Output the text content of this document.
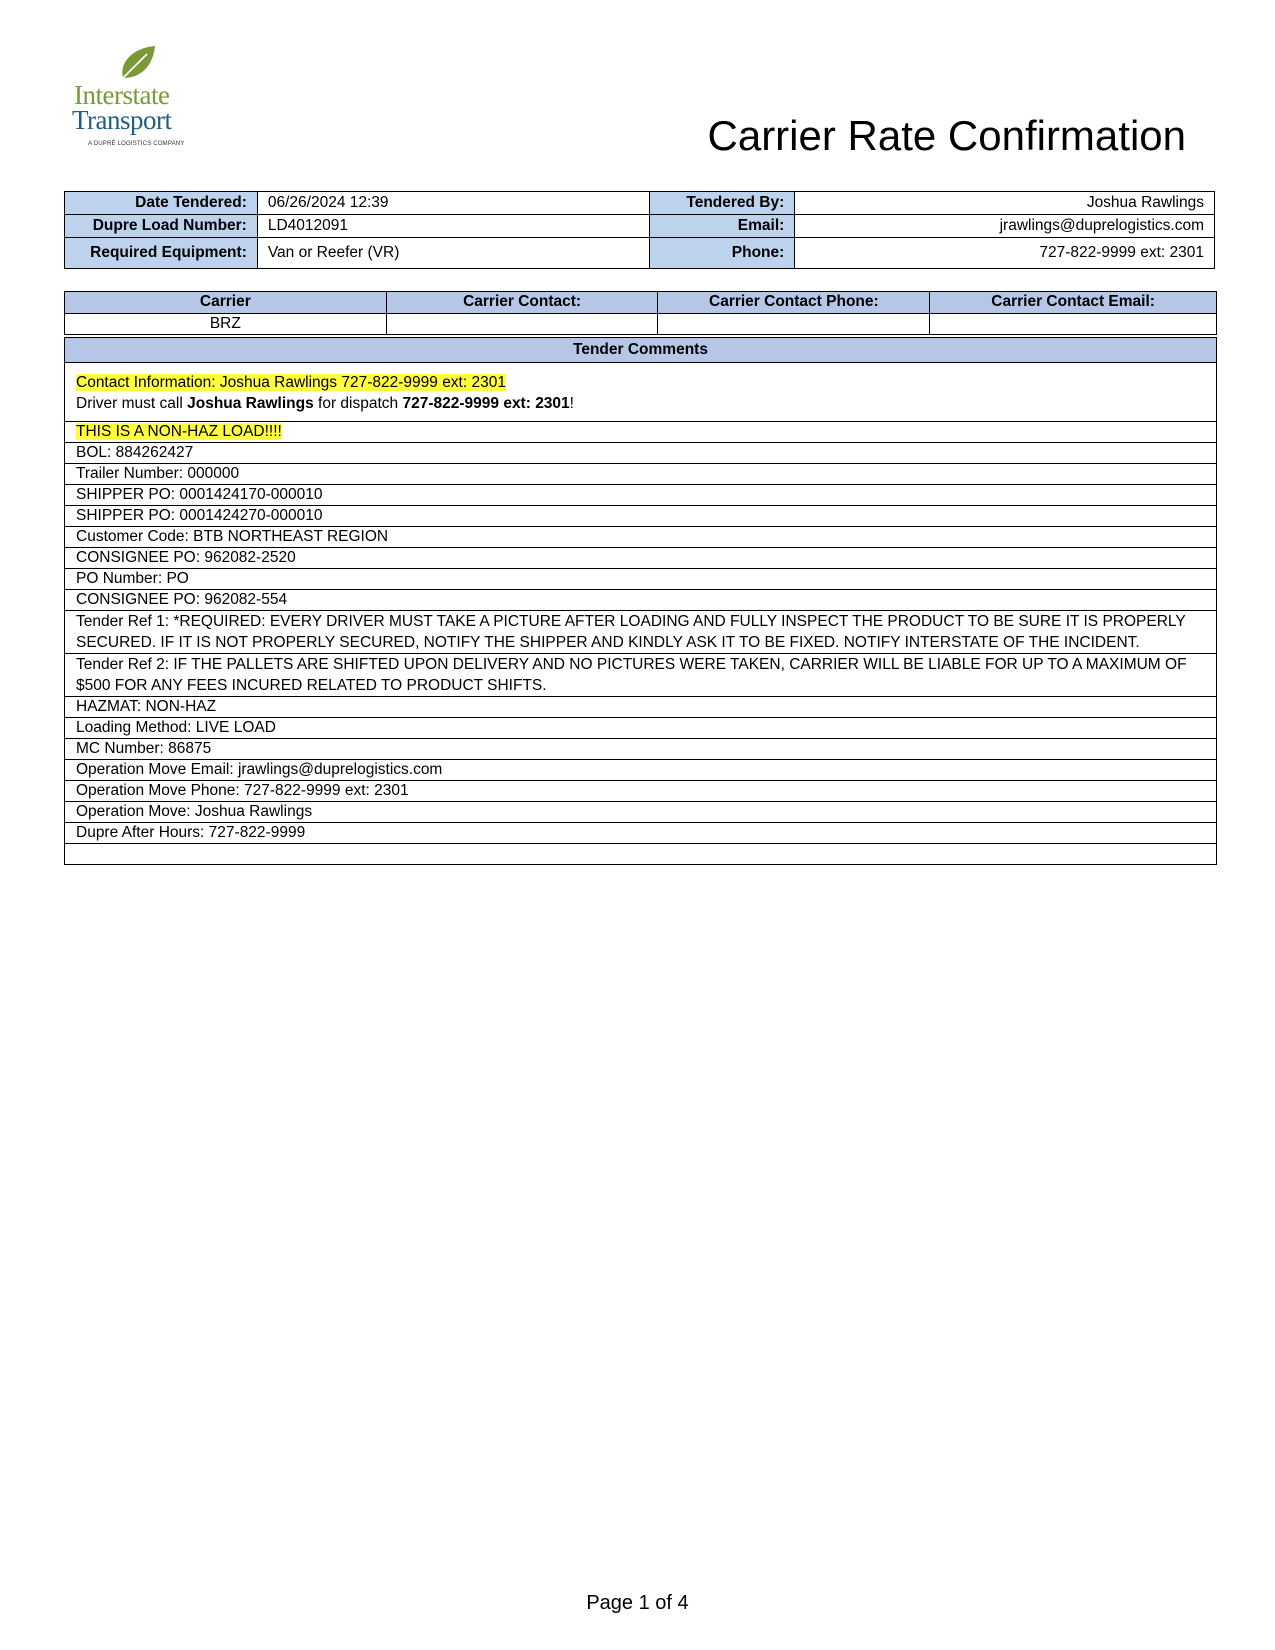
Interstate
Transport
A DUPRÉ LOGISTICS COMPANY	Carrier Rate Confirmation
Date Tendered:	06/26/2024 12:39	Tendered By:	Joshua Rawlings
Dupre Load Number:	LD4012091	Email:	jrawlings@duprelogistics.com
Required Equipment:	Van or Reefer (VR)	Phone:	727-822-9999 ext: 2301
Carrier	Carrier Contact:	Carrier Contact Phone:	Carrier Contact Email:
BRZ			
Tender Comments

Contact Information: Joshua Rawlings 727-822-9999 ext: 2301
Driver must call Joshua Rawlings for dispatch 727-822-9999 ext: 2301!

THIS IS A NON-HAZ LOAD!!!!
BOL: 884262427
Trailer Number: 000000
SHIPPER PO: 0001424170-000010
SHIPPER PO: 0001424270-000010
Customer Code: BTB NORTHEAST REGION
CONSIGNEE PO: 962082-2520
PO Number: PO
CONSIGNEE PO: 962082-554
Tender Ref 1: *REQUIRED: EVERY DRIVER MUST TAKE A PICTURE AFTER LOADING AND FULLY INSPECT THE PRODUCT TO BE SURE IT IS PROPERLY SECURED. IF IT IS NOT PROPERLY SECURED, NOTIFY THE SHIPPER AND KINDLY ASK IT TO BE FIXED. NOTIFY INTERSTATE OF THE INCIDENT.
Tender Ref 2: IF THE PALLETS ARE SHIFTED UPON DELIVERY AND NO PICTURES WERE TAKEN, CARRIER WILL BE LIABLE FOR UP TO A MAXIMUM OF $500 FOR ANY FEES INCURED RELATED TO PRODUCT SHIFTS.
HAZMAT: NON-HAZ
Loading Method: LIVE LOAD
MC Number: 86875
Operation Move Email: jrawlings@duprelogistics.com
Operation Move Phone: 727-822-9999 ext: 2301
Operation Move: Joshua Rawlings
Dupre After Hours: 727-822-9999

Page 1 of 4
